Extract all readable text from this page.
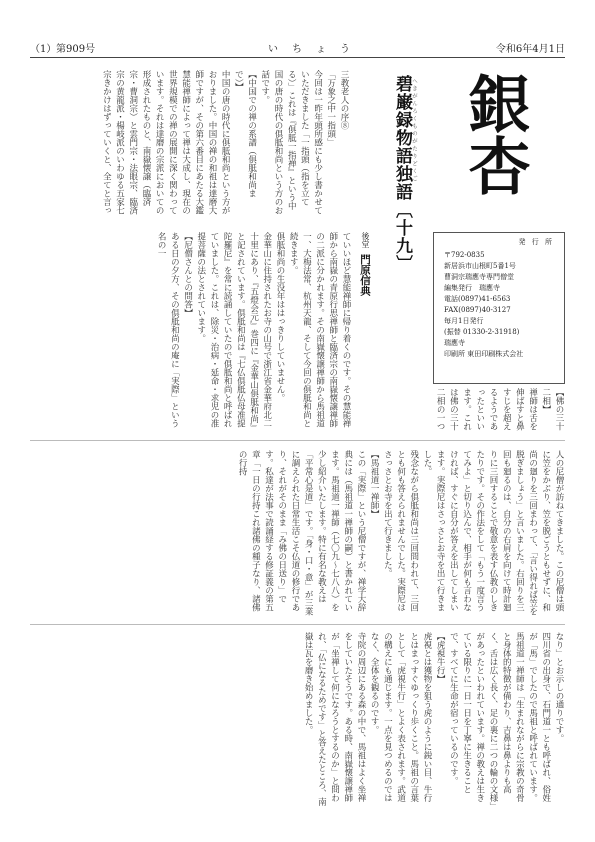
（1） 第909号	い　ち　ょ　う	令和6年4月1日
銀杏
発 行 所
〒792-0835
新居浜市山根町5番1号
曹洞宗瑞應寺専門僧堂
編集発行　瑞應寺
電話(0897)41-6563
FAX(0897)40-3127
毎月1日発行
(振替 01330-2-31918)
瑞應寺
印刷所 東田印刷株式会社
へきがんろくものがたりどくご
碧巌録物語独語〔十九〕
後堂門原信典
三教老人の序⑧
「万象之中一指頭」
今回は一昨年頭所感にも少し書かせていただきました「一指頭（指を立てる）」これは『俱胝一指禅』という中国の唐の時代の俱胝和尚という方のお話です。
【中国での禅の系譜（俱胝和尚まで）】
中国の唐の時代に俱胝和尚という方がおりました。中国の禅の和祖は達磨大師ですが、その第六番目にあたる大鑑慧能禅師によって禅は大成し、現在の世界規模での禅の展開に深く関わっています。それは達磨の宗派においての形成されたものと、南嶽懐譲（臨済宗・曹洞宗）と雲門宗・法眼宗、臨済宗の黄龍派・楊岐派のいわゆる五家七宗きかけはずっていくと、全てと言っ
ていいほど慧能禅師に帰り着くのです。その慧能禅師から南嶽の青原行思禅師と臨済宗の南嶽懐譲禅師の二派に分かれます。その南嶽懐譲禅師から馬祖道一、大梅法常、杭州天龍、そして今回の俱胝和尚と続きます。
俱胝和尚の生没年ははっきりしていません。
金華山に住持されたお寺の山号で浙江省金華府北二十里にあり、『五燈会元』巻四に『金華山俱胝和尚』と記されています。俱胝和尚は『七仏俱胝仏母准提陀羅尼』を常に読誦していたので俱胝和尚と呼ばれていました。これは、除災・治病・延命・求児の准提菩薩の法とされています。
【尼僧さんとの問答】
ある日の夕方、その俱胝和尚の庵に「実際」という名の一
人の尼僧が訪ねてきました。この尼僧は頭に笠をかぶり、笠を脱ごうともせずに、和尚の廻りを三回まわって、「言い得れば笠を脱ぎましょう」と言いました。右回りを三回も廻るのは、自分の右肩を向けて時計廻りに三回することで敬意を表す仏教のしきたりです。その作法をして「もう一度言うてみよ」と切り込んで、相手が何も言わなければ、すぐに自分が答えを出してしまいます。実際尼はさっさとお寺を出て行きました。
残念ながら俱胝和尚は三回問われて、三回とも何も答えられませんでした。実際尼はさっさとお寺を出て行きました。
【馬祖道一禅師】
この「実際」という尼僧ですが、禅学大辞典には（馬祖道一禅師の嗣）と書かれています。馬祖道一禅師（七〇九〜七八八）を少し紹介いたします。特に有名な教えは「平常心是道」です。「身・口・意」が三業に調えられた日常生活こそ仏道の修行であり、それがそのまま「み佛の日送り」です。私達が法事で読誦経する修証義の第五章「一日の行持これ諸佛の種子なり、諸佛の行持
なり」とお示しの通りです。
四川省の出身で、石門道一とも呼ばれ、俗姓が「馬」でしたので馬祖と呼ばれています。
馬祖道一禅師は「生まれながらに宗教の奇骨と身体的特徴が備わり、吉鼻は鼻よりも高く、舌は広く長く、足の裏に二つの輪の文様」があったといわれています。禅の教えは生きている限りに一日一日を丁寧に生きることで、すべてに生命が宿っているのです。
【虎視牛行】
虎視とは獲物を狙う虎のように鋭い目、牛行とはまっすぐゆっくり歩くこと。馬祖の言葉として「虎視牛行」とよく表されます。武道の構えにも通じます。一点を見つめるのではなく、全体を観るのです。
寺院の周辺にある森の中で、馬祖はよく坐禅をしていたそうです。ある時、南嶽懐譲禅師が「坐禅して何になろうとするのか」と問われ、「仏になるためです」と答えたところ、南嶽は瓦を磨き始めました。
【佛の三十二相】
禅師は舌を伸ばすと鼻すじを超えるようであったといいます。これは佛の三十二相の一つ
